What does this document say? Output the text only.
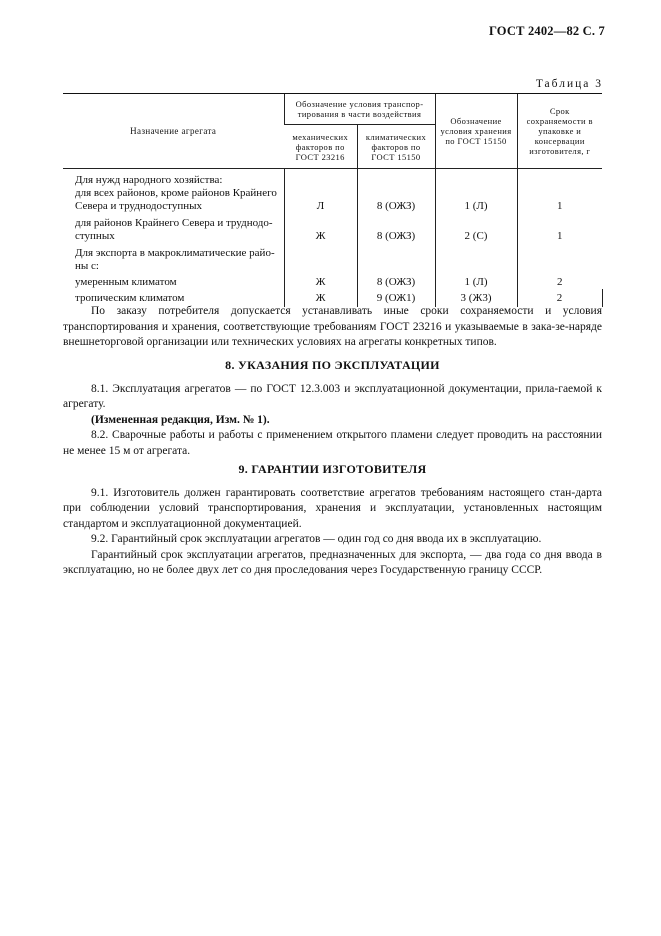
ГОСТ 2402—82 С. 7
Таблица 3
Назначение агрегата	Обозначение условия транспор-тирования в части воздействия		Обозначение условия хранения по ГОСТ 15150	Срок сохраняемости в упаковке и консервации изготовителя, г
	механических факторов по ГОСТ 23216	климатических факторов по ГОСТ 15150		
Для нужд народного хозяйства:				
для всех районов, кроме районов Крайнего Севера и труднодоступных	Л	8 (ОЖЗ)	1 (Л)	1
для районов Крайнего Севера и труднодо-ступных	Ж	8 (ОЖЗ)	2 (С)	1
Для экспорта в макроклиматические райо-ны с:				
умеренным климатом	Ж	8 (ОЖЗ)	1 (Л)	2
тропическим климатом	Ж	9 (ОЖ1)	3 (Ж3)	2

По заказу потребителя допускается устанавливать иные сроки сохраняемости и условия транспортирования и хранения, соответствующие требованиям ГОСТ 23216 и указываемые в зака-зе-наряде внешнеторговой организации или технических условиях на агрегаты конкретных типов.

8. УКАЗАНИЯ ПО ЭКСПЛУАТАЦИИ

8.1. Эксплуатация агрегатов — по ГОСТ 12.3.003 и эксплуатационной документации, прила-гаемой к агрегату.

(Измененная редакция, Изм. № 1).

8.2. Сварочные работы и работы с применением открытого пламени следует проводить на расстоянии не менее 15 м от агрегата.

9. ГАРАНТИИ ИЗГОТОВИТЕЛЯ

9.1. Изготовитель должен гарантировать соответствие агрегатов требованиям настоящего стан-дарта при соблюдении условий транспортирования, хранения и эксплуатации, установленных настоящим стандартом и эксплуатационной документацией.

9.2. Гарантийный срок эксплуатации агрегатов — один год со дня ввода их в эксплуатацию.

Гарантийный срок эксплуатации агрегатов, предназначенных для экспорта, — два года со дня ввода в эксплуатацию, но не более двух лет со дня проследования через Государственную границу СССР.
